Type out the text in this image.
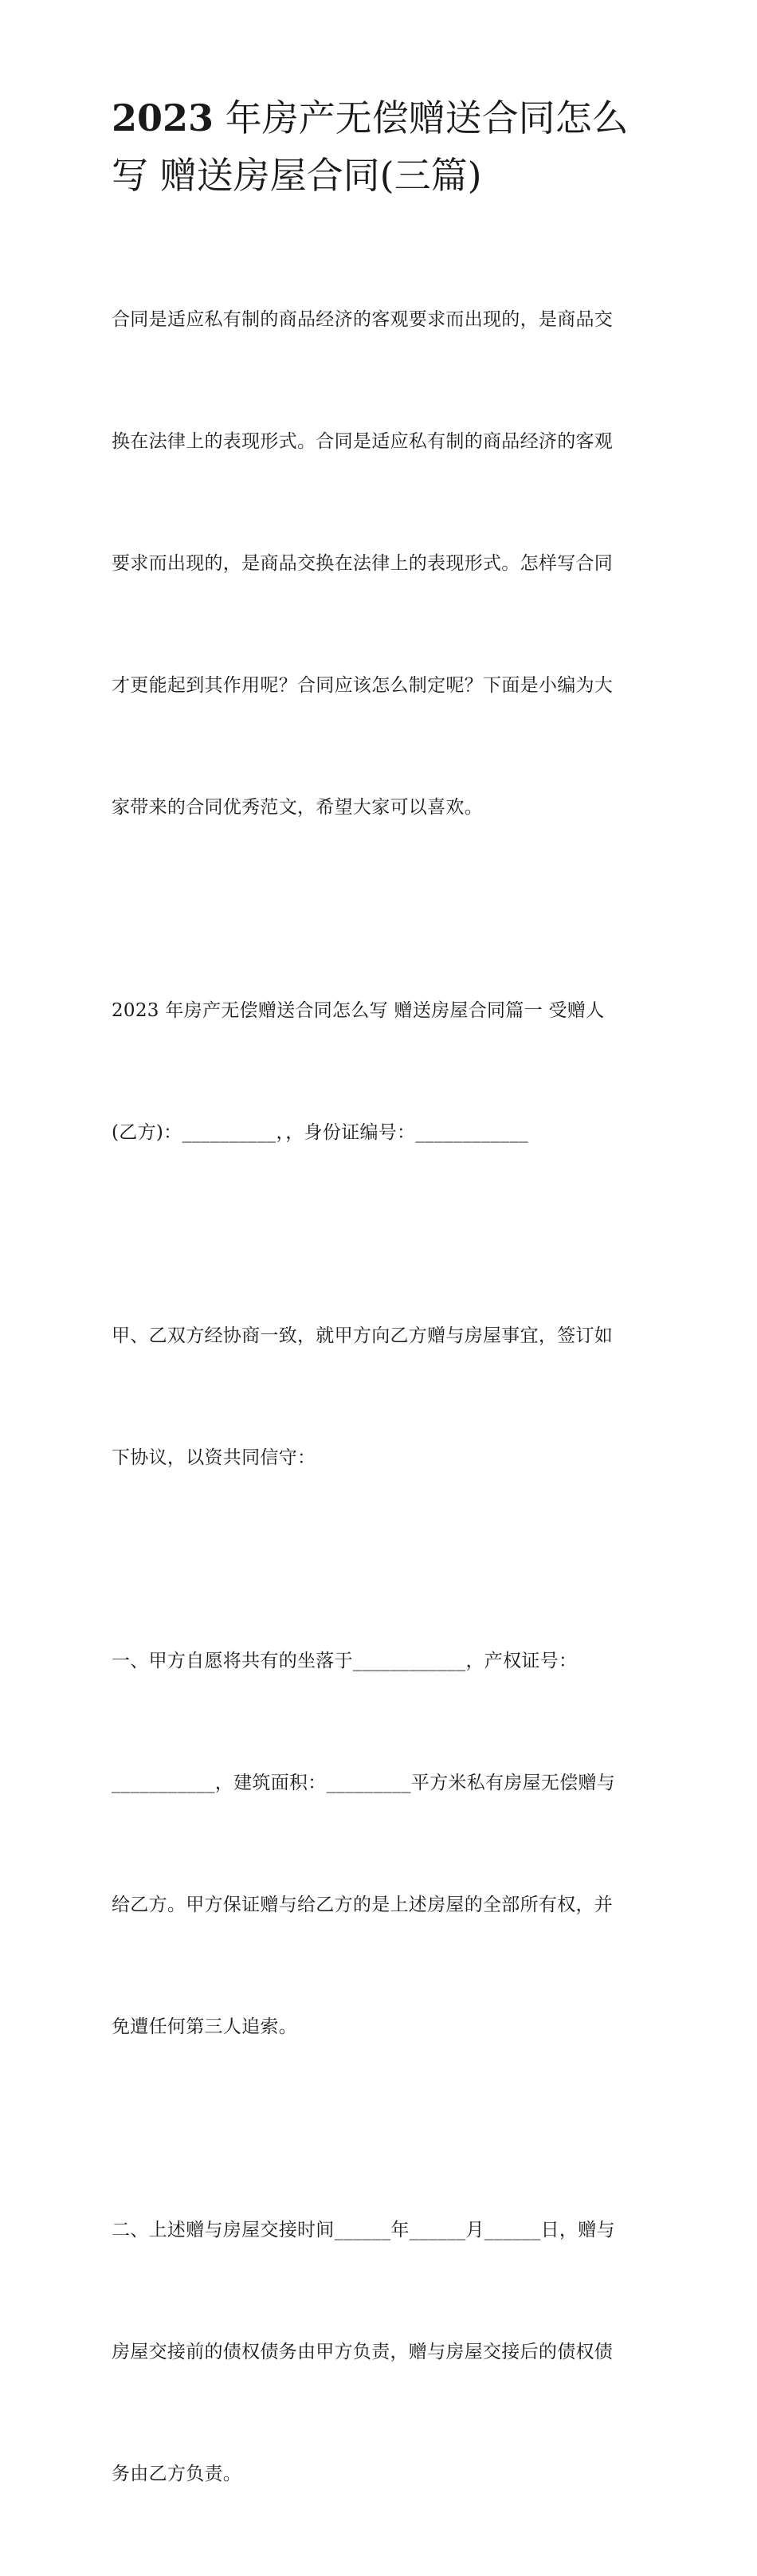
2023 年房产无偿赠送合同怎么
写 赠送房屋合同(三篇)

合同是适应私有制的商品经济的客观要求而出现的，是商品交

换在法律上的表现形式。合同是适应私有制的商品经济的客观

要求而出现的，是商品交换在法律上的表现形式。怎样写合同

才更能起到其作用呢？合同应该怎么制定呢？下面是小编为大

家带来的合同优秀范文，希望大家可以喜欢。

2023 年房产无偿赠送合同怎么写 赠送房屋合同篇一 受赠人

(乙方)：__________，，身份证编号：____________

甲、乙双方经协商一致，就甲方向乙方赠与房屋事宜，签订如

下协议，以资共同信守：

一、甲方自愿将共有的坐落于____________，产权证号：

___________，建筑面积：_________平方米私有房屋无偿赠与

给乙方。甲方保证赠与给乙方的是上述房屋的全部所有权，并

免遭任何第三人追索。

二、上述赠与房屋交接时间______年______月______日，赠与

房屋交接前的债权债务由甲方负责，赠与房屋交接后的债权债

务由乙方负责。
